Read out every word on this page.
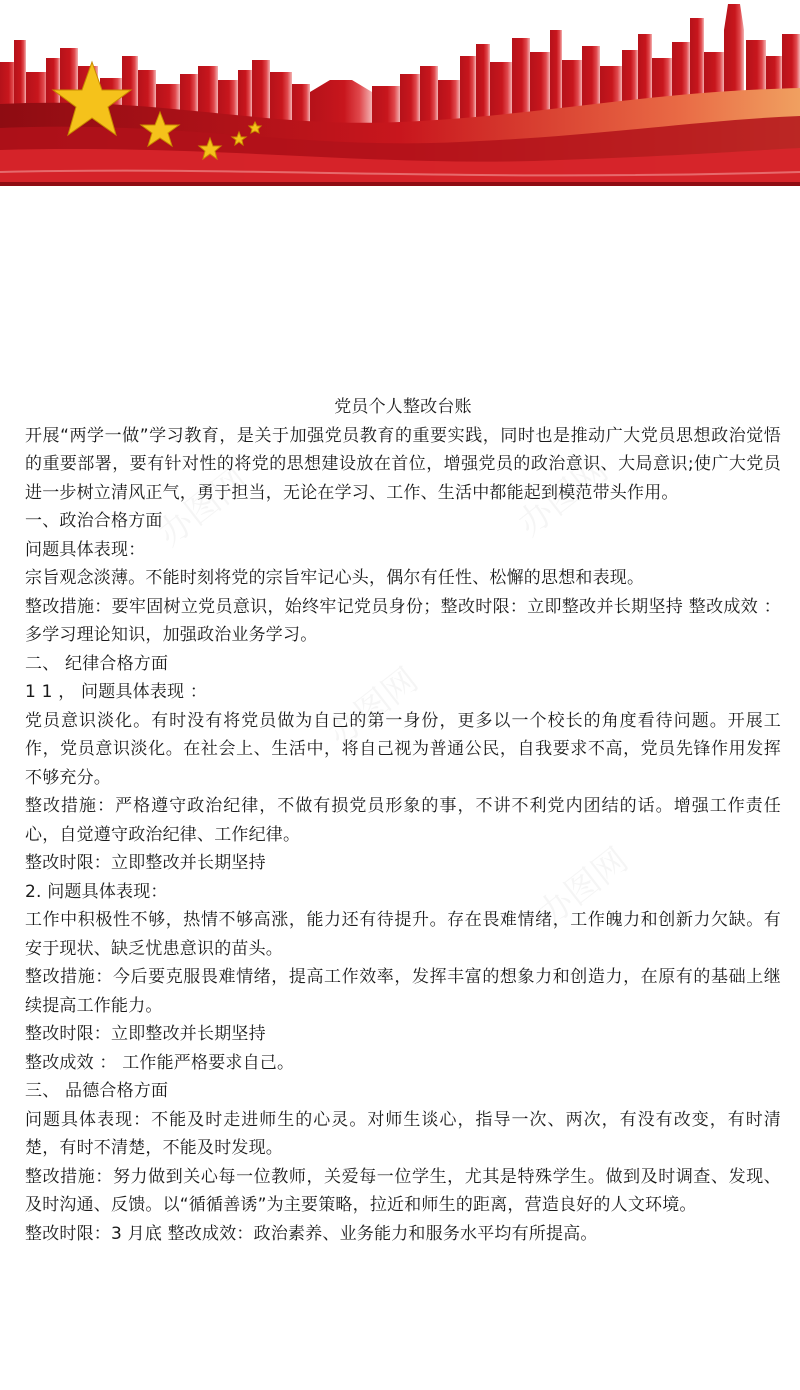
办图网	办图网
办图网
办图网
党员个人整改台账

开展“两学一做”学习教育，是关于加强党员教育的重要实践，同时也是推动广大党员思想政治觉悟的重要部署，要有针对性的将党的思想建设放在首位，增强党员的政治意识、大局意识;使广大党员进一步树立清风正气，勇于担当，无论在学习、工作、生活中都能起到模范带头作用。

一、政治合格方面

问题具体表现：

宗旨观念淡薄。不能时刻将党的宗旨牢记心头，偶尔有任性、松懈的思想和表现。

整改措施：要牢固树立党员意识，始终牢记党员身份；整改时限：立即整改并长期坚持 整改成效 ： 多学习理论知识，加强政治业务学习。

二、 纪律合格方面

1 1 ， 问题具体表现 ：

党员意识淡化。有时没有将党员做为自己的第一身份，更多以一个校长的角度看待问题。开展工作，党员意识淡化。在社会上、生活中，将自己视为普通公民，自我要求不高，党员先锋作用发挥不够充分。

整改措施：严格遵守政治纪律，不做有损党员形象的事，不讲不利党内团结的话。增强工作责任心，自觉遵守政治纪律、工作纪律。

整改时限：立即整改并长期坚持

2. 问题具体表现：

工作中积极性不够，热情不够高涨，能力还有待提升。存在畏难情绪，工作魄力和创新力欠缺。有安于现状、缺乏忧患意识的苗头。

整改措施：今后要克服畏难情绪，提高工作效率，发挥丰富的想象力和创造力，在原有的基础上继续提高工作能力。

整改时限：立即整改并长期坚持

整改成效 ： 工作能严格要求自己。

三、 品德合格方面

问题具体表现：不能及时走进师生的心灵。对师生谈心，指导一次、两次，有没有改变，有时清楚，有时不清楚，不能及时发现。

整改措施：努力做到关心每一位教师，关爱每一位学生，尤其是特殊学生。做到及时调查、发现、及时沟通、反馈。以“循循善诱”为主要策略，拉近和师生的距离，营造良好的人文环境。

整改时限：3 月底 整改成效：政治素养、业务能力和服务水平均有所提高。
